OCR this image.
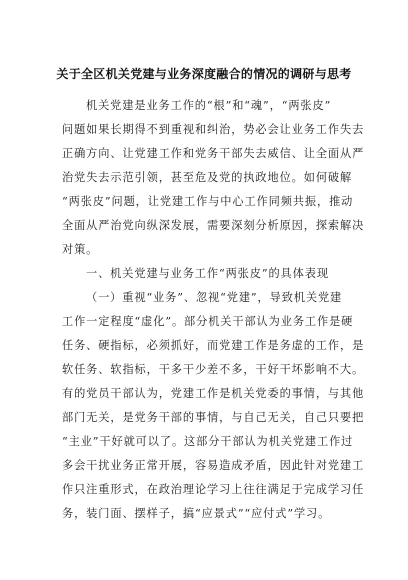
关于全区机关党建与业务深度融合的情况的调研与思考
机关党建是业务工作的“根”和“魂”，“两张皮”
问题如果长期得不到重视和纠治，势必会让业务工作失去
正确方向、让党建工作和党务干部失去威信、让全面从严
治党失去示范引领，甚至危及党的执政地位。如何破解
“两张皮”问题，让党建工作与中心工作同频共振，推动
全面从严治党向纵深发展，需要深刻分析原因，探索解决
对策。
一、机关党建与业务工作“两张皮”的具体表现
（一）重视“业务”、忽视“党建”，导致机关党建
工作一定程度“虚化”。部分机关干部认为业务工作是硬
任务、硬指标，必须抓好，而党建工作是务虚的工作，是
软任务、软指标，干多干少差不多，干好干坏影响不大。
有的党员干部认为，党建工作是机关党委的事情，与其他
部门无关，是党务干部的事情，与自己无关，自己只要把
“主业”干好就可以了。这部分干部认为机关党建工作过
多会干扰业务正常开展，容易造成矛盾，因此针对党建工
作只注重形式，在政治理论学习上往往满足于完成学习任
务，装门面、摆样子，搞“应景式”“应付式”学习。
